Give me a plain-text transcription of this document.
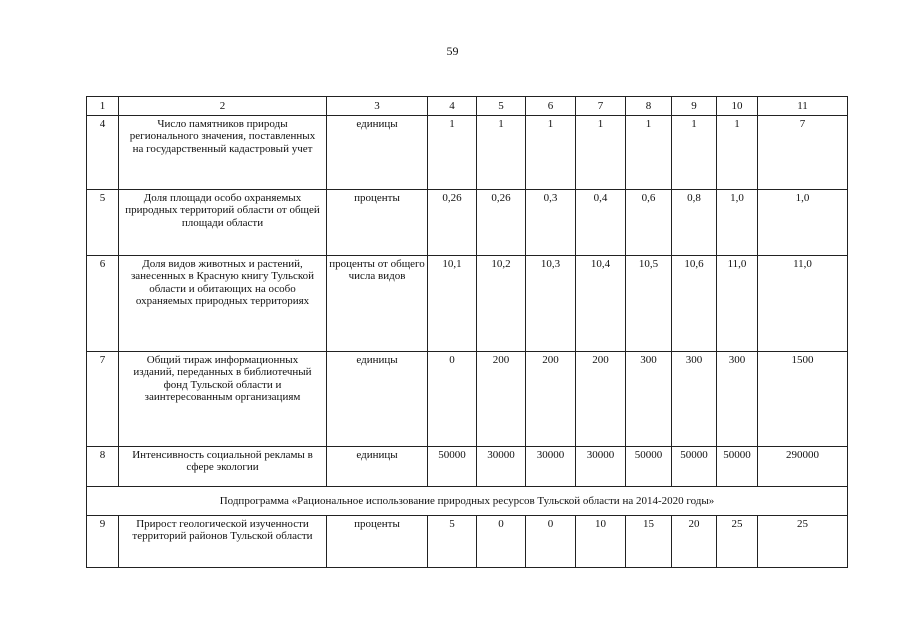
59
1	2	3	4	5	6	7	8	9	10	11
4	Число памятников природы регионального значения, поставленных на государственный кадастровый учет	единицы	1	1	1	1	1	1	1	7
5	Доля площади особо охраняемых природных территорий области от общей площади области	проценты	0,26	0,26	0,3	0,4	0,6	0,8	1,0	1,0
6	Доля видов животных и растений, занесенных в Красную книгу Тульской области и обитающих на особо охраняемых природных территориях	проценты от общего числа видов	10,1	10,2	10,3	10,4	10,5	10,6	11,0	11,0
7	Общий тираж информационных изданий, переданных в библиотечный фонд Тульской области и заинтересованным организациям	единицы	0	200	200	200	300	300	300	1500
8	Интенсивность социальной рекламы в сфере экологии	единицы	50000	30000	30000	30000	50000	50000	50000	290000
Подпрограмма «Рациональное использование природных ресурсов Тульской области на 2014-2020 годы»										
9	Прирост геологической изученности территорий районов Тульской области	проценты	5	0	0	10	15	20	25	25
